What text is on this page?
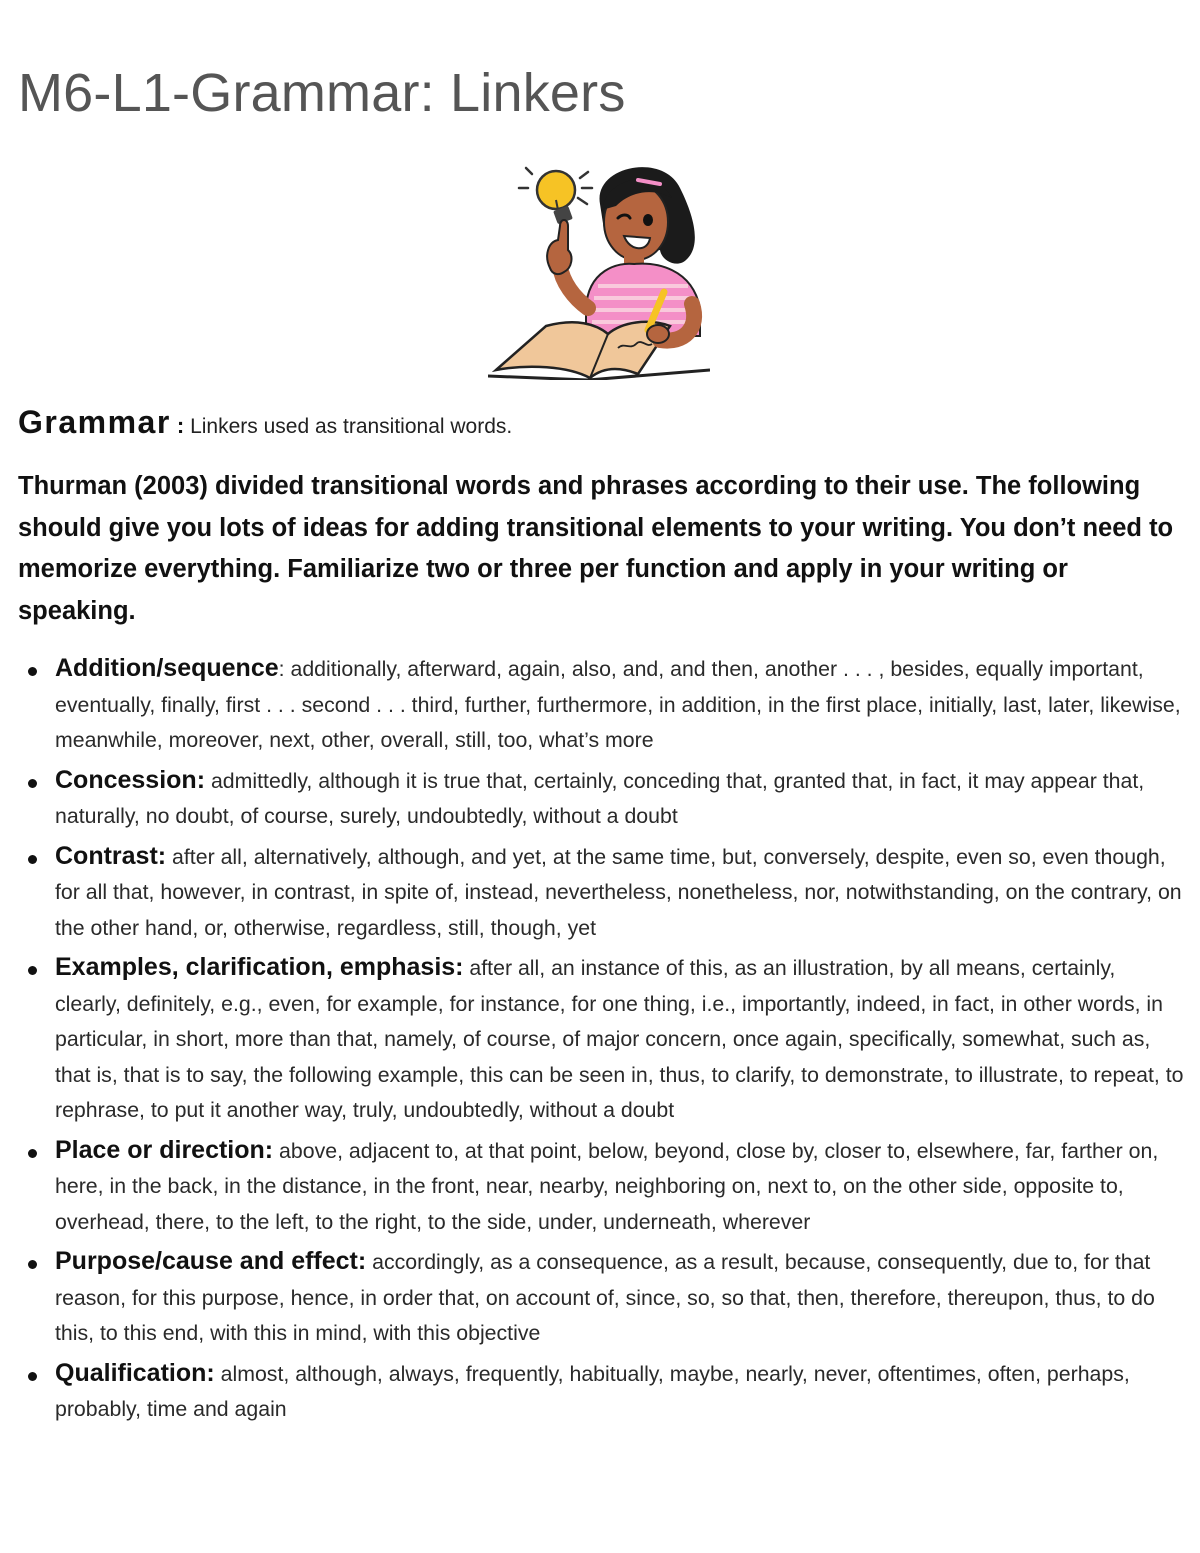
M6-L1-Grammar: Linkers

Grammar : Linkers used as transitional words.

Thurman (2003) divided transitional words and phrases according to their use. The following should give you lots of ideas for adding transitional elements to your writing. You don’t need to memorize everything. Familiarize two or three per function and apply in your writing or speaking.

Addition/sequence: additionally, afterward, again, also, and, and then, another . . . , besides, equally important, eventually, finally, first . . . second . . . third, further, furthermore, in addition, in the first place, initially, last, later, likewise, meanwhile, moreover, next, other, overall, still, too, what’s more
Concession: admittedly, although it is true that, certainly, conceding that, granted that, in fact, it may appear that, naturally, no doubt, of course, surely, undoubtedly, without a doubt
Contrast: after all, alternatively, although, and yet, at the same time, but, conversely, despite, even so, even though, for all that, however, in contrast, in spite of, instead, nevertheless, nonetheless, nor, notwithstanding, on the contrary, on the other hand, or, otherwise, regardless, still, though, yet
Examples, clarification, emphasis: after all, an instance of this, as an illustration, by all means, certainly, clearly, definitely, e.g., even, for example, for instance, for one thing, i.e., importantly, indeed, in fact, in other words, in particular, in short, more than that, namely, of course, of major concern, once again, specifically, somewhat, such as, that is, that is to say, the following example, this can be seen in, thus, to clarify, to demonstrate, to illustrate, to repeat, to rephrase, to put it another way, truly, undoubtedly, without a doubt
Place or direction: above, adjacent to, at that point, below, beyond, close by, closer to, elsewhere, far, farther on, here, in the back, in the distance, in the front, near, nearby, neighboring on, next to, on the other side, opposite to, overhead, there, to the left, to the right, to the side, under, underneath, wherever
Purpose/cause and effect: accordingly, as a consequence, as a result, because, consequently, due to, for that reason, for this purpose, hence, in order that, on account of, since, so, so that, then, therefore, thereupon, thus, to do this, to this end, with this in mind, with this objective
Qualification: almost, although, always, frequently, habitually, maybe, nearly, never, oftentimes, often, perhaps, probably, time and again
